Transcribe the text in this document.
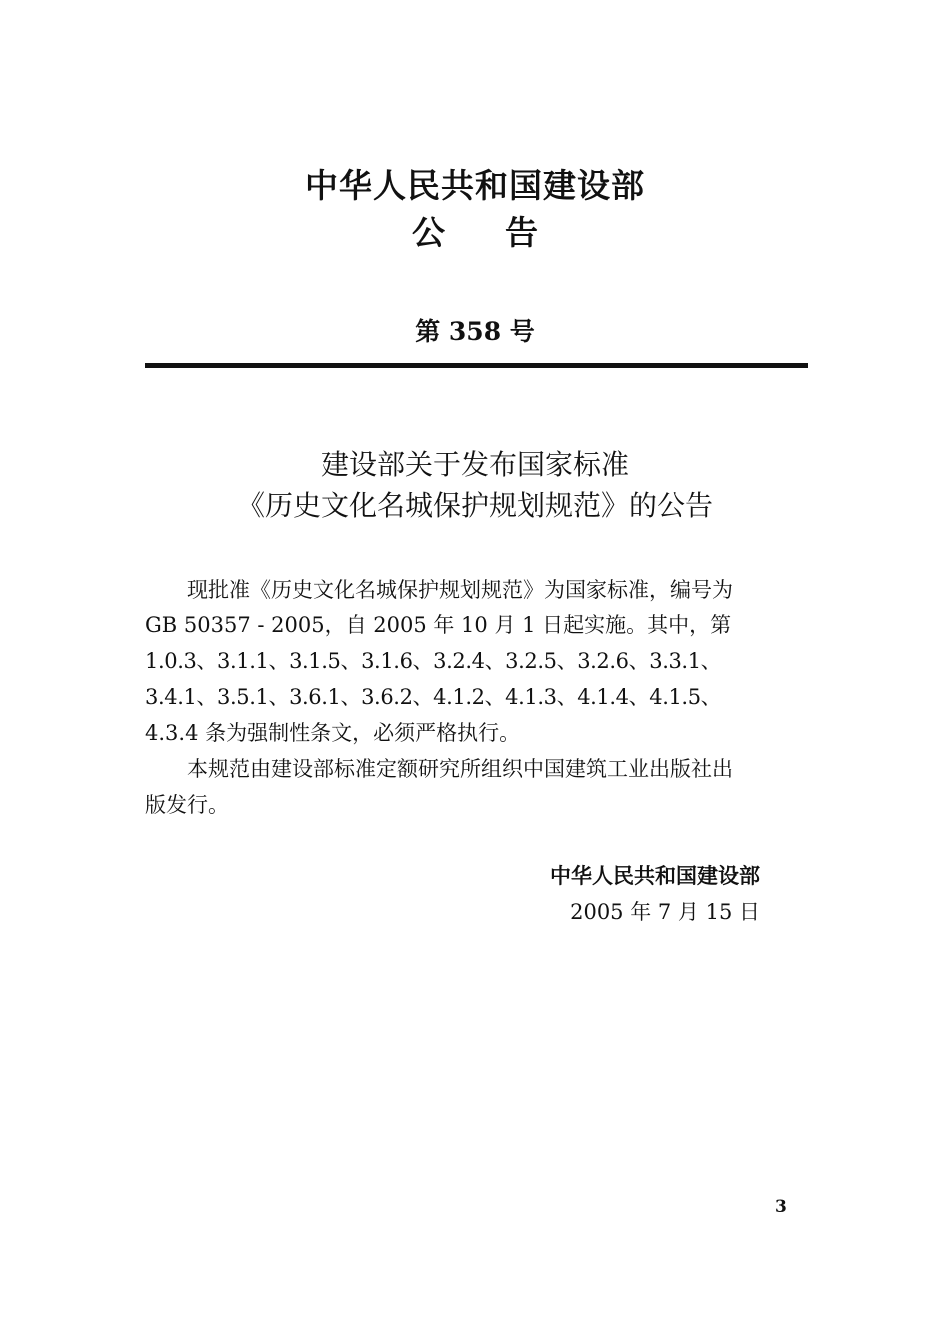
中华人民共和国建设部
公告
第 358 号
建设部关于发布国家标准
《历史文化名城保护规划规范》的公告
现批准《历史文化名城保护规划规范》为国家标准，编号为
GB 50357 - 2005，自 2005 年 10 月 1 日起实施。其中，第
1.0.3、3.1.1、3.1.5、3.1.6、3.2.4、3.2.5、3.2.6、3.3.1、
3.4.1、3.5.1、3.6.1、3.6.2、4.1.2、4.1.3、4.1.4、4.1.5、
4.3.4 条为强制性条文，必须严格执行。
本规范由建设部标准定额研究所组织中国建筑工业出版社出
版发行。
中华人民共和国建设部
2005 年 7 月 15 日
3
